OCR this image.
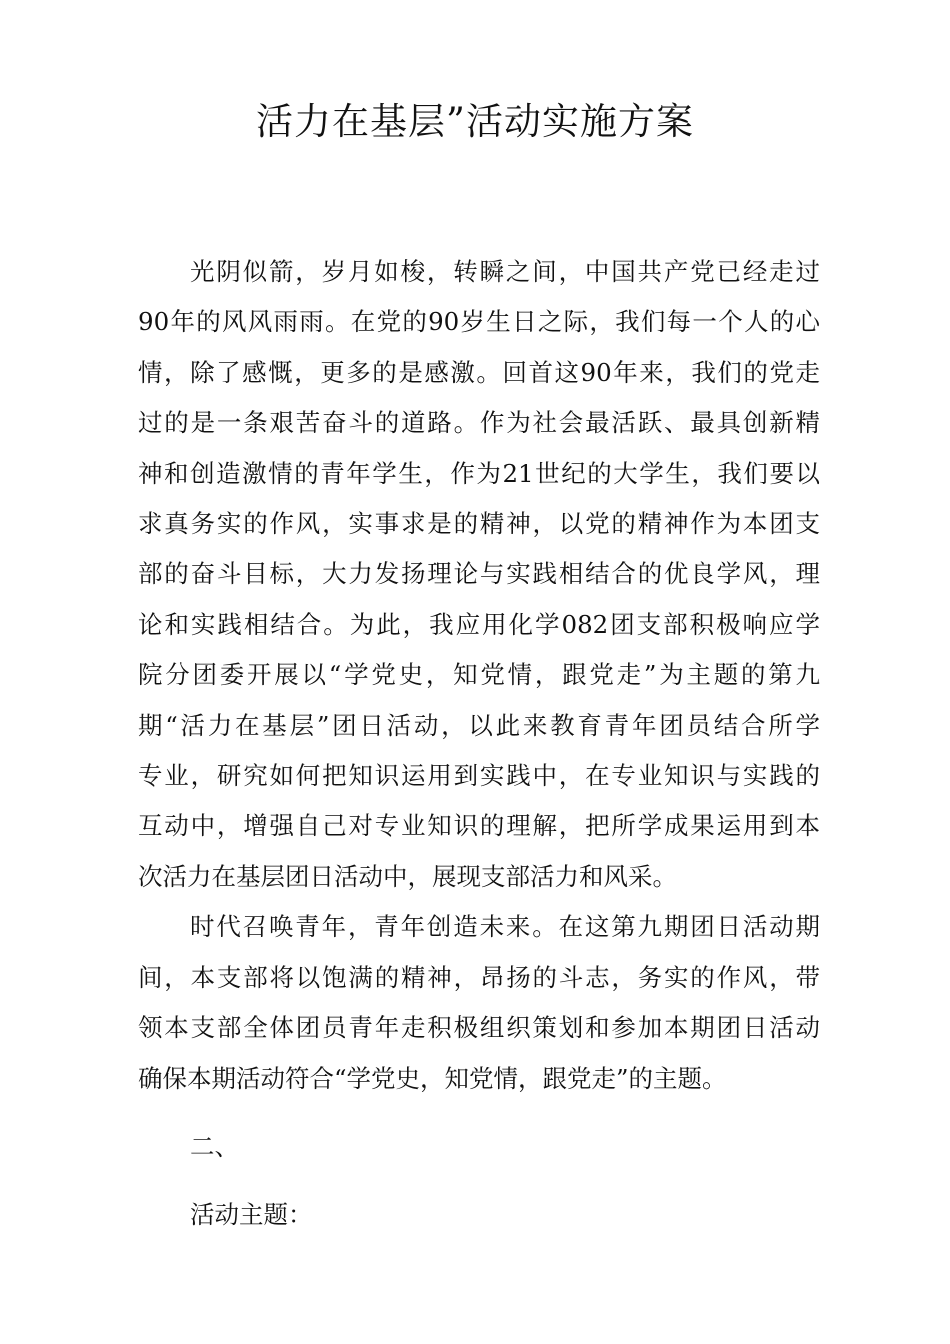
活力在基层”活动实施方案
光阴似箭，岁月如梭，转瞬之间，中国共产党已经走过
90年的风风雨雨。在党的90岁生日之际，我们每一个人的心
情，除了感慨，更多的是感激。回首这90年来，我们的党走
过的是一条艰苦奋斗的道路。作为社会最活跃、最具创新精
神和创造激情的青年学生，作为21世纪的大学生，我们要以
求真务实的作风，实事求是的精神，以党的精神作为本团支
部的奋斗目标，大力发扬理论与实践相结合的优良学风，理
论和实践相结合。为此，我应用化学082团支部积极响应学
院分团委开展以“学党史，知党情，跟党走”为主题的第九
期“活力在基层”团日活动，以此来教育青年团员结合所学
专业，研究如何把知识运用到实践中，在专业知识与实践的
互动中，增强自己对专业知识的理解，把所学成果运用到本
次活力在基层团日活动中，展现支部活力和风采。
时代召唤青年，青年创造未来。在这第九期团日活动期
间，本支部将以饱满的精神，昂扬的斗志，务实的作风，带
领本支部全体团员青年走积极组织策划和参加本期团日活动
确保本期活动符合“学党史，知党情，跟党走”的主题。
二、
活动主题：
